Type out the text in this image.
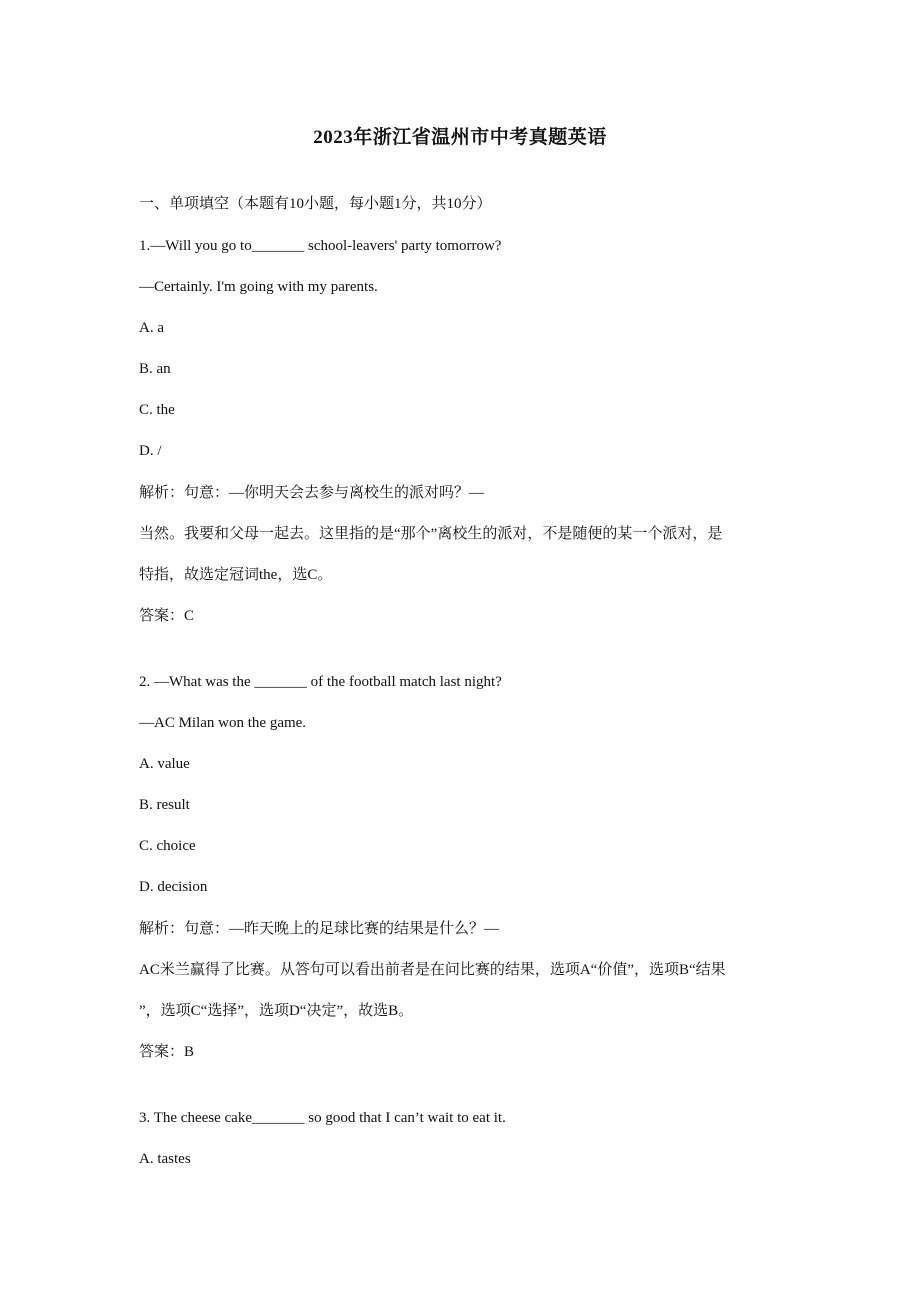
2023年浙江省温州市中考真题英语
一、单项填空（本题有10小题，每小题1分，共10分）
1.—Will you go to_______ school-leavers' party tomorrow?
—Certainly. I'm going with my parents.
A. a
B. an
C. the
D. /
解析：句意：—你明天会去参与离校生的派对吗？—
当然。我要和父母一起去。这里指的是“那个”离校生的派对，不是随便的某一个派对，是
特指，故选定冠词the，选C。
答案：C
2. —What was the _______ of the football match last night?
—AC Milan won the game.
A. value
B. result
C. choice
D. decision
解析：句意：—昨天晚上的足球比赛的结果是什么？—
AC米兰赢得了比赛。从答句可以看出前者是在问比赛的结果，选项A“价值”，选项B“结果
”，选项C“选择”，选项D“决定”，故选B。
答案：B
3. The cheese cake_______ so good that I can’t wait to eat it.
A. tastes
